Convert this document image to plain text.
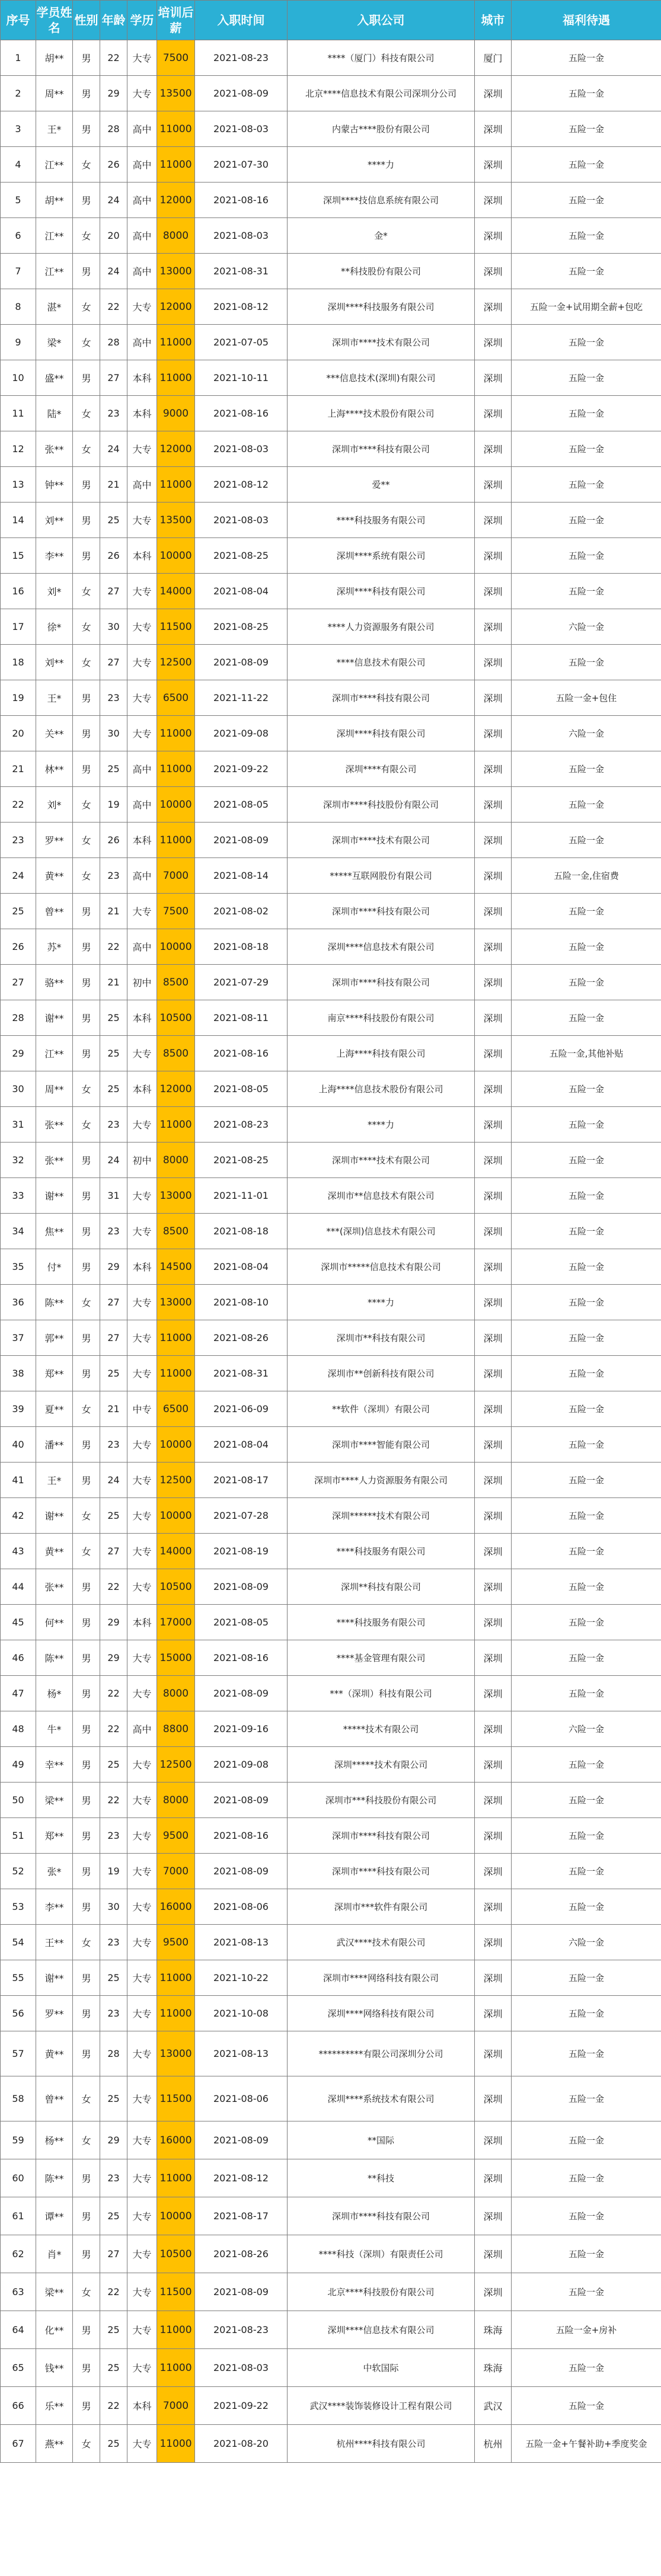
序号	学员姓名	性别	年龄	学历	培训后薪	入职时间	入职公司	城市	福利待遇
1	胡**	男	22	大专	7500	2021-08-23	****（厦门）科技有限公司	厦门	五险一金
2	周**	男	29	大专	13500	2021-08-09	北京****信息技术有限公司深圳分公司	深圳	五险一金
3	王*	男	28	高中	11000	2021-08-03	内蒙古****股份有限公司	深圳	五险一金
4	江**	女	26	高中	11000	2021-07-30	****力	深圳	五险一金
5	胡**	男	24	高中	12000	2021-08-16	深圳****技信息系统有限公司	深圳	五险一金
6	江**	女	20	高中	8000	2021-08-03	金*	深圳	五险一金
7	江**	男	24	高中	13000	2021-08-31	**科技股份有限公司	深圳	五险一金
8	湛*	女	22	大专	12000	2021-08-12	深圳****科技服务有限公司	深圳	五险一金+试用期全薪+包吃
9	梁*	女	28	高中	11000	2021-07-05	深圳市****技术有限公司	深圳	五险一金
10	盛**	男	27	本科	11000	2021-10-11	***信息技术(深圳)有限公司	深圳	五险一金
11	陆*	女	23	本科	9000	2021-08-16	上海****技术股份有限公司	深圳	五险一金
12	张**	女	24	大专	12000	2021-08-03	深圳市****科技有限公司	深圳	五险一金
13	钟**	男	21	高中	11000	2021-08-12	爱**	深圳	五险一金
14	刘**	男	25	大专	13500	2021-08-03	****科技服务有限公司	深圳	五险一金
15	李**	男	26	本科	10000	2021-08-25	深圳****系统有限公司	深圳	五险一金
16	刘*	女	27	大专	14000	2021-08-04	深圳****科技有限公司	深圳	五险一金
17	徐*	女	30	大专	11500	2021-08-25	****人力资源服务有限公司	深圳	六险一金
18	刘**	女	27	大专	12500	2021-08-09	****信息技术有限公司	深圳	五险一金
19	王*	男	23	大专	6500	2021-11-22	深圳市****科技有限公司	深圳	五险一金+包住
20	关**	男	30	大专	11000	2021-09-08	深圳****科技有限公司	深圳	六险一金
21	林**	男	25	高中	11000	2021-09-22	深圳****有限公司	深圳	五险一金
22	刘*	女	19	高中	10000	2021-08-05	深圳市****科技股份有限公司	深圳	五险一金
23	罗**	女	26	本科	11000	2021-08-09	深圳市****技术有限公司	深圳	五险一金
24	黄**	女	23	高中	7000	2021-08-14	*****互联网股份有限公司	深圳	五险一金,住宿费
25	曾**	男	21	大专	7500	2021-08-02	深圳市****科技有限公司	深圳	五险一金
26	苏*	男	22	高中	10000	2021-08-18	深圳****信息技术有限公司	深圳	五险一金
27	骆**	男	21	初中	8500	2021-07-29	深圳市****科技有限公司	深圳	五险一金
28	谢**	男	25	本科	10500	2021-08-11	南京****科技股份有限公司	深圳	五险一金
29	江**	男	25	大专	8500	2021-08-16	上海****科技有限公司	深圳	五险一金,其他补贴
30	周**	女	25	本科	12000	2021-08-05	上海****信息技术股份有限公司	深圳	五险一金
31	张**	女	23	大专	11000	2021-08-23	****力	深圳	五险一金
32	张**	男	24	初中	8000	2021-08-25	深圳市****技术有限公司	深圳	五险一金
33	谢**	男	31	大专	13000	2021-11-01	深圳市**信息技术有限公司	深圳	五险一金
34	焦**	男	23	大专	8500	2021-08-18	***(深圳)信息技术有限公司	深圳	五险一金
35	付*	男	29	本科	14500	2021-08-04	深圳市*****信息技术有限公司	深圳	五险一金
36	陈**	女	27	大专	13000	2021-08-10	****力	深圳	五险一金
37	郭**	男	27	大专	11000	2021-08-26	深圳市**科技有限公司	深圳	五险一金
38	郑**	男	25	大专	11000	2021-08-31	深圳市**创新科技有限公司	深圳	五险一金
39	夏**	女	21	中专	6500	2021-06-09	**软件（深圳）有限公司	深圳	五险一金
40	潘**	男	23	大专	10000	2021-08-04	深圳市****智能有限公司	深圳	五险一金
41	王*	男	24	大专	12500	2021-08-17	深圳市****人力资源服务有限公司	深圳	五险一金
42	谢**	女	25	大专	10000	2021-07-28	深圳******技术有限公司	深圳	五险一金
43	黄**	女	27	大专	14000	2021-08-19	****科技服务有限公司	深圳	五险一金
44	张**	男	22	大专	10500	2021-08-09	深圳**科技有限公司	深圳	五险一金
45	何**	男	29	本科	17000	2021-08-05	****科技服务有限公司	深圳	五险一金
46	陈**	男	29	大专	15000	2021-08-16	****基金管理有限公司	深圳	五险一金
47	杨*	男	22	大专	8000	2021-08-09	***（深圳）科技有限公司	深圳	五险一金
48	牛*	男	22	高中	8800	2021-09-16	*****技术有限公司	深圳	六险一金
49	幸**	男	25	大专	12500	2021-09-08	深圳*****技术有限公司	深圳	五险一金
50	梁**	男	22	大专	8000	2021-08-09	深圳市***科技股份有限公司	深圳	五险一金
51	郑**	男	23	大专	9500	2021-08-16	深圳市****科技有限公司	深圳	五险一金
52	张*	男	19	大专	7000	2021-08-09	深圳市****科技有限公司	深圳	五险一金
53	李**	男	30	大专	16000	2021-08-06	深圳市***软件有限公司	深圳	五险一金
54	王**	女	23	大专	9500	2021-08-13	武汉****技术有限公司	深圳	六险一金
55	谢**	男	25	大专	11000	2021-10-22	深圳市****网络科技有限公司	深圳	五险一金
56	罗**	男	23	大专	11000	2021-10-08	深圳****网络科技有限公司	深圳	五险一金
57	黄**	男	28	大专	13000	2021-08-13	**********有限公司深圳分公司	深圳	五险一金
58	曾**	女	25	大专	11500	2021-08-06	深圳****系统技术有限公司	深圳	五险一金
59	杨**	女	29	大专	16000	2021-08-09	**国际	深圳	五险一金
60	陈**	男	23	大专	11000	2021-08-12	**科技	深圳	五险一金
61	谭**	男	25	大专	10000	2021-08-17	深圳市****科技有限公司	深圳	五险一金
62	肖*	男	27	大专	10500	2021-08-26	****科技（深圳）有限责任公司	深圳	五险一金
63	梁**	女	22	大专	11500	2021-08-09	北京****科技股份有限公司	深圳	五险一金
64	化**	男	25	大专	11000	2021-08-23	深圳****信息技术有限公司	珠海	五险一金+房补
65	钱**	男	25	大专	11000	2021-08-03	中软国际	珠海	五险一金
66	乐**	男	22	本科	7000	2021-09-22	武汉****装饰装修设计工程有限公司	武汉	五险一金
67	燕**	女	25	大专	11000	2021-08-20	杭州****科技有限公司	杭州	五险一金+午餐补助+季度奖金
